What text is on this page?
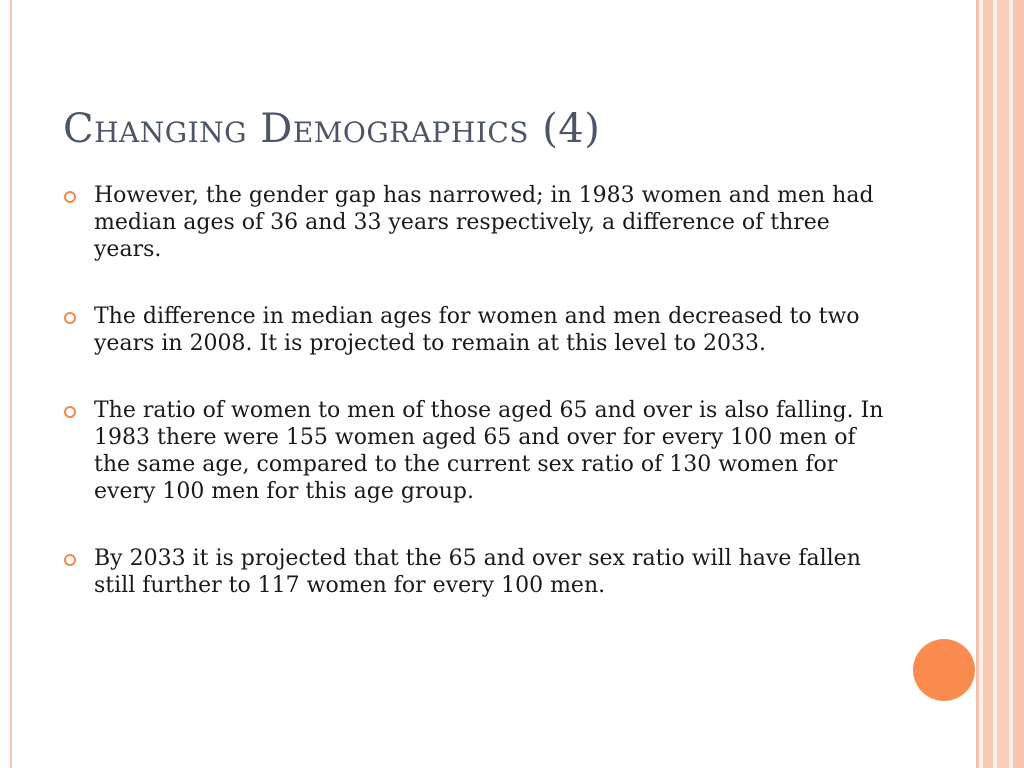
Changing Demographics (4)
However, the gender gap has narrowed; in 1983 women and men had median ages of 36 and 33 years respectively, a difference of three years.
The difference in median ages for women and men decreased to two years in 2008. It is projected to remain at this level to 2033.
The ratio of women to men of those aged 65 and over is also falling. In 1983 there were 155 women aged 65 and over for every 100 men of the same age, compared to the current sex ratio of 130 women for every 100 men for this age group.
By 2033 it is projected that the 65 and over sex ratio will have fallen still further to 117 women for every 100 men.
